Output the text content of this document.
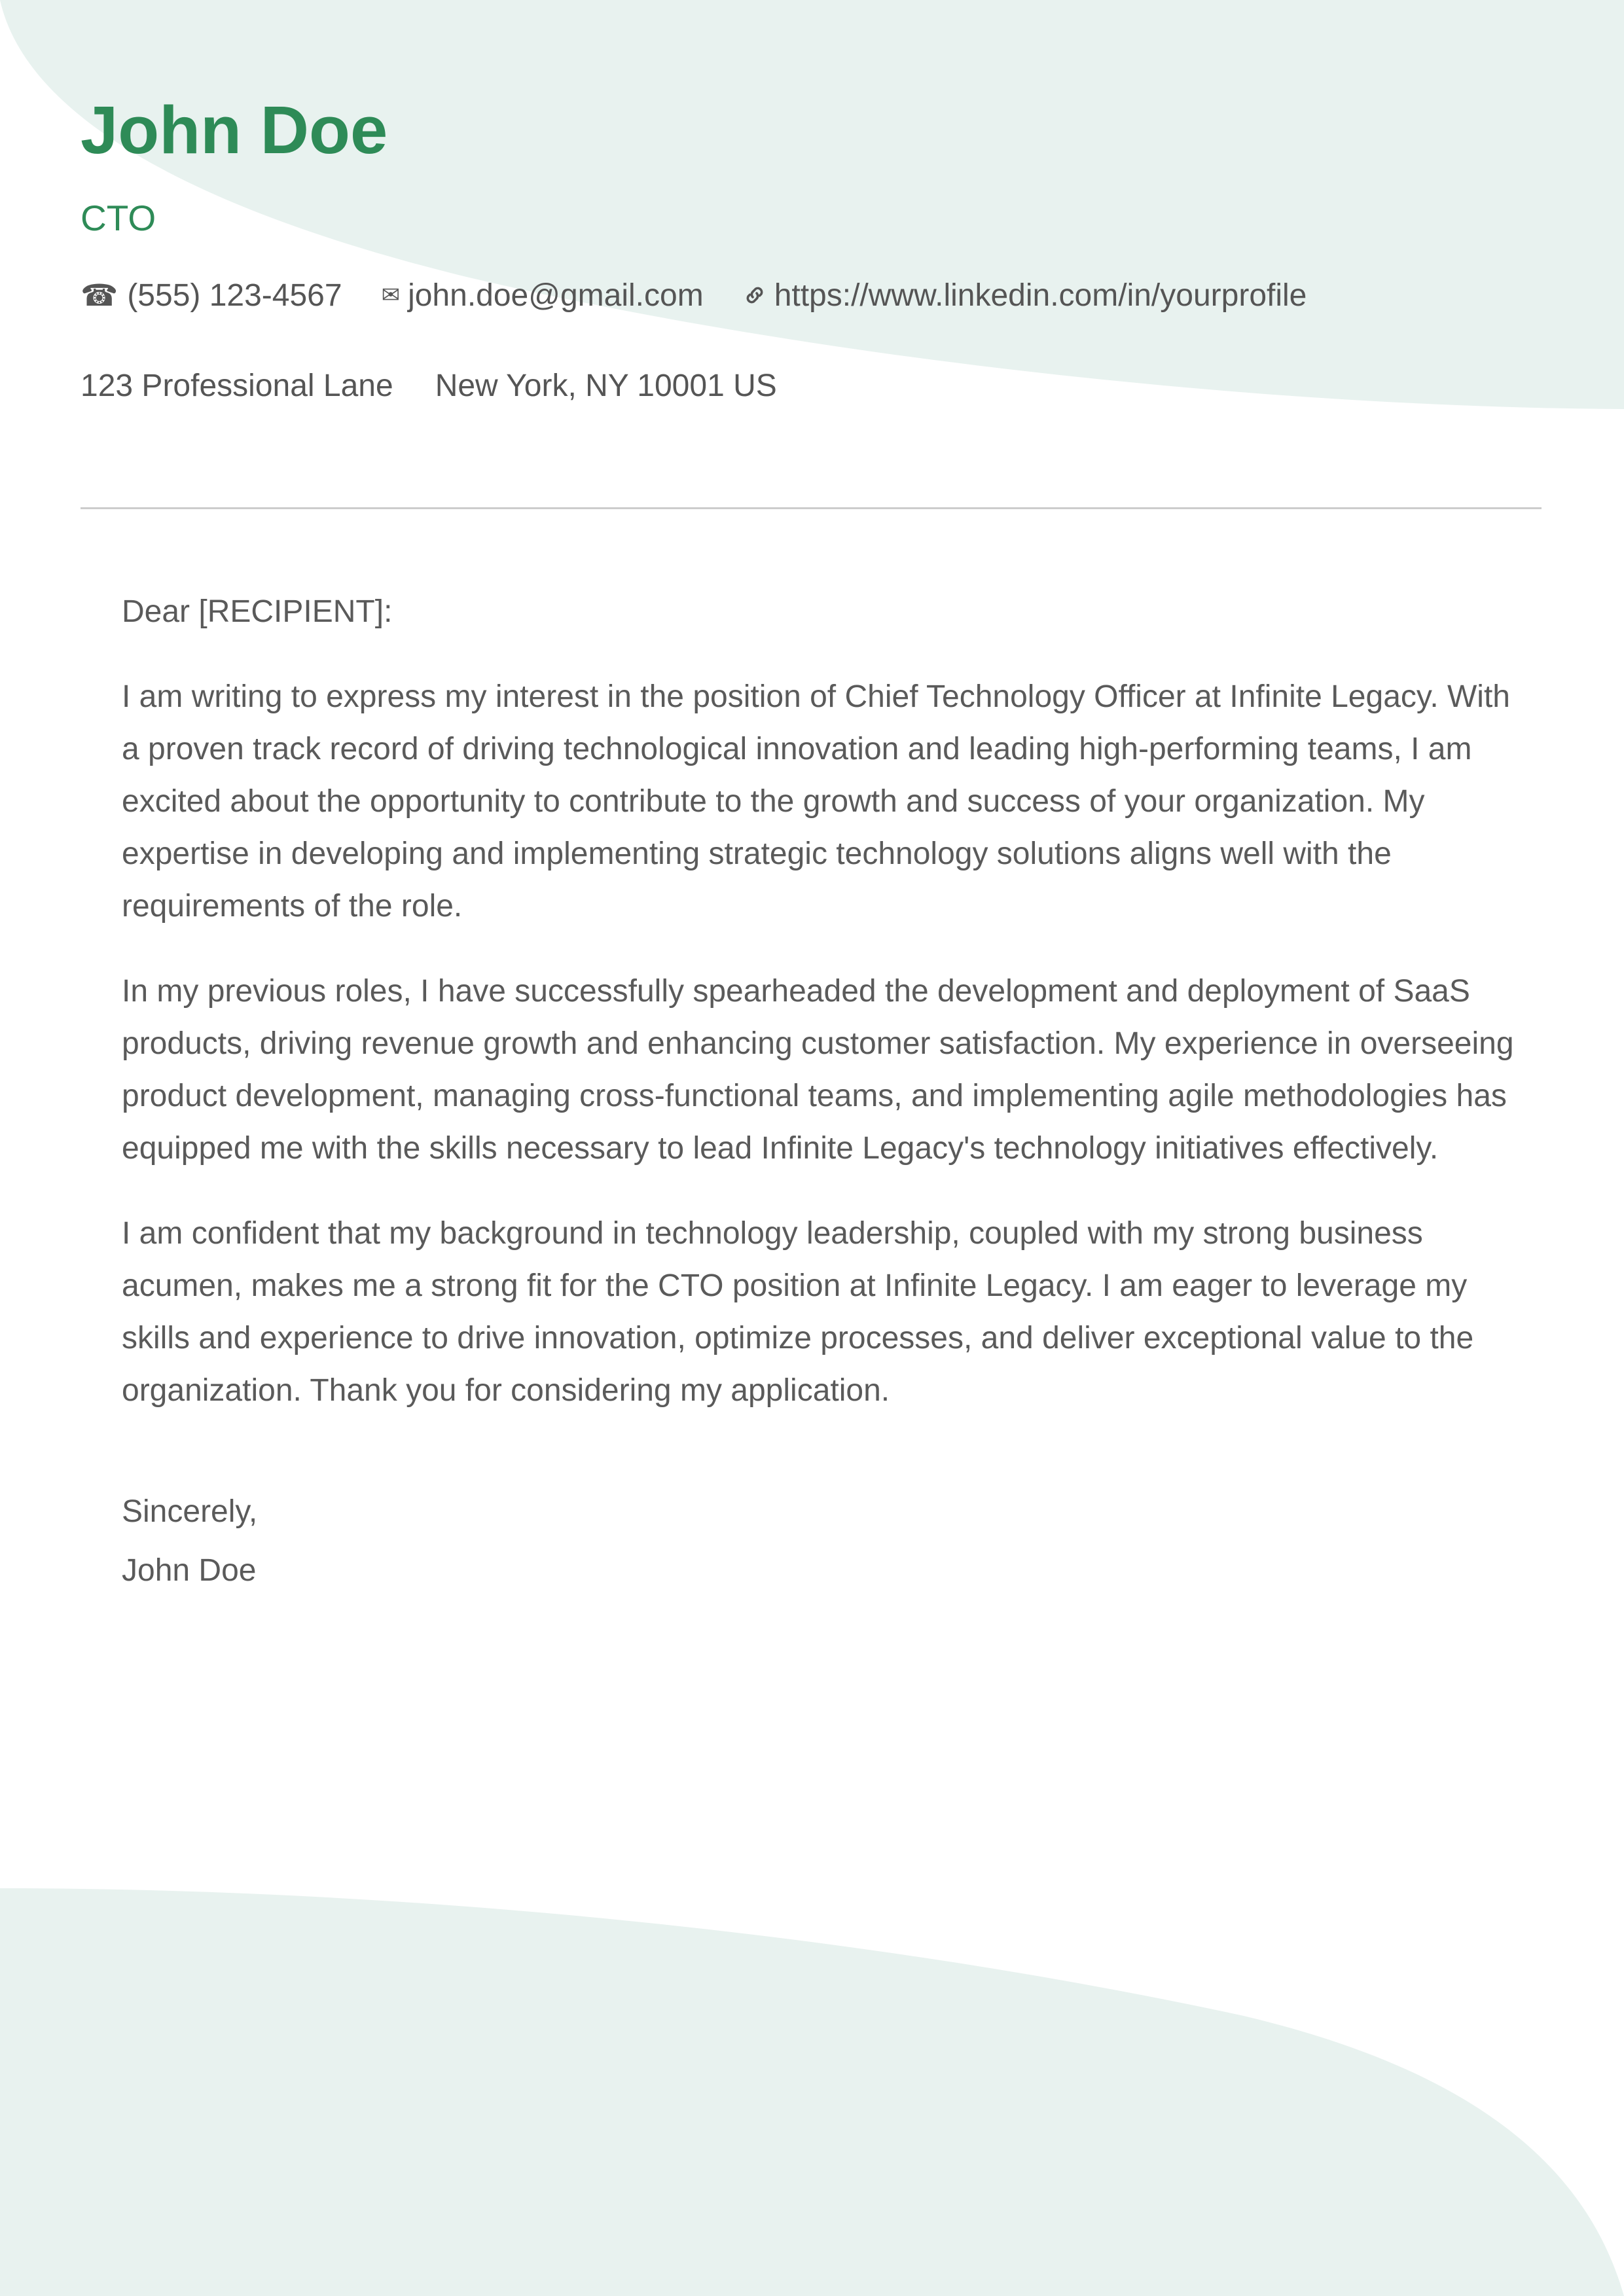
John Doe
CTO
☎ (555) 123-4567 ✉ john.doe@gmail.com https://www.linkedin.com/in/yourprofile
123 Professional Lane New York, NY 10001 US

Dear [RECIPIENT]:

I am writing to express my interest in the position of Chief Technology Officer at Infinite Legacy. With a proven track record of driving technological innovation and leading high-performing teams, I am excited about the opportunity to contribute to the growth and success of your organization. My expertise in developing and implementing strategic technology solutions aligns well with the requirements of the role.

In my previous roles, I have successfully spearheaded the development and deployment of SaaS products, driving revenue growth and enhancing customer satisfaction. My experience in overseeing product development, managing cross-functional teams, and implementing agile methodologies has equipped me with the skills necessary to lead Infinite Legacy's technology initiatives effectively.

I am confident that my background in technology leadership, coupled with my strong business acumen, makes me a strong fit for the CTO position at Infinite Legacy. I am eager to leverage my skills and experience to drive innovation, optimize processes, and deliver exceptional value to the organization. Thank you for considering my application.

Sincerely,

John Doe
